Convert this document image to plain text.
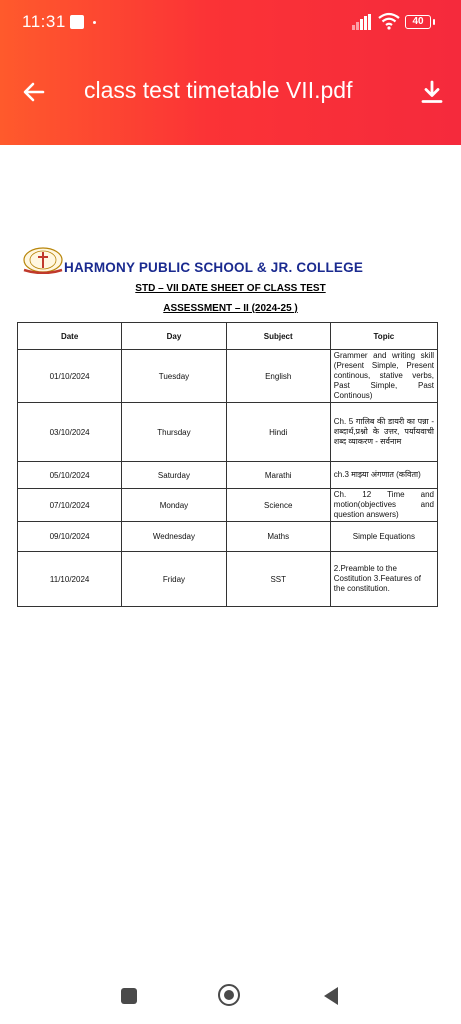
11:31	40
class test timetable VII.pdf
HARMONY PUBLIC SCHOOL & JR. COLLEGE
STD – VII DATE SHEET OF CLASS TEST
ASSESSMENT – II (2024-25 )
Date	Day	Subject	Topic
01/10/2024	Tuesday	English	Grammer and writing skill (Present Simple, Present continous, stative verbs, Past Simple, Past Continous)
03/10/2024	Thursday	Hindi	Ch. 5 गालिब की डायरी का पन्ना - शब्दार्थ,प्रश्नो के उत्तर, पर्यायवाची शब्द व्याकरण - सर्वनाम
05/10/2024	Saturday	Marathi	ch.3 माझ्या अंगणात (कविता)
07/10/2024	Monday	Science	Ch. 12 Time and motion(objectives and question answers)
09/10/2024	Wednesday	Maths	Simple Equations
11/10/2024	Friday	SST	2.Preamble to the Costitution 3.Features of the constitution.
